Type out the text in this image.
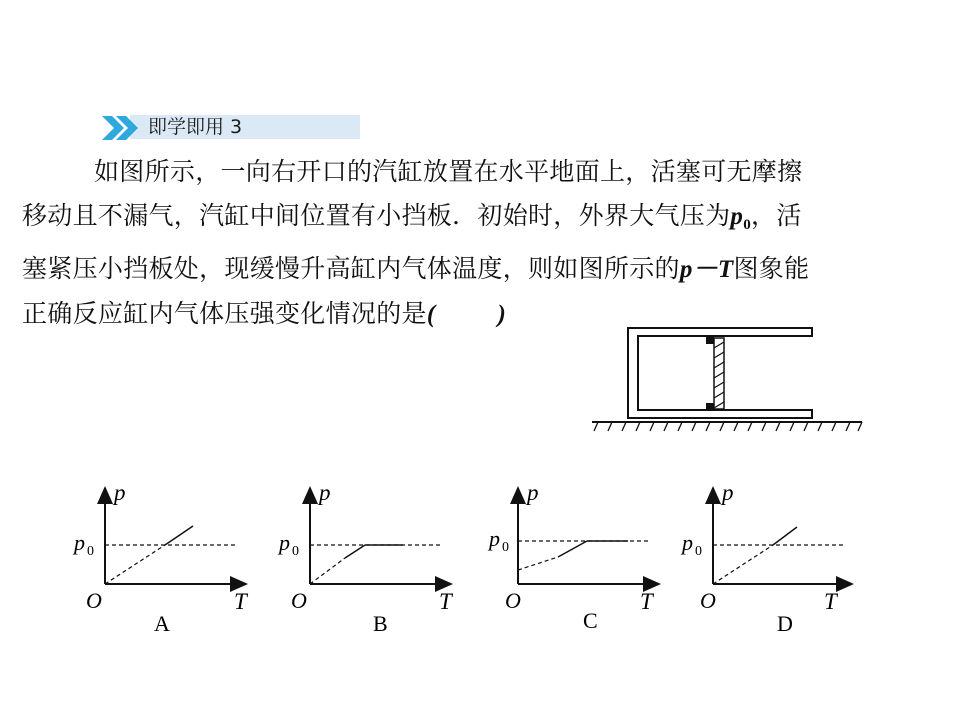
即学即用 3
如图所示，一向右开口的汽缸放置在水平地面上，活塞可无摩擦
移动且不漏气，汽缸中间位置有小挡板．初始时，外界大气压为$p_0$，活
塞紧压小挡板处，现缓慢升高缸内气体温度，则如图所示的p－T图象能
正确反应缸内气体压强变化情况的是( )
p
p 0
O	T
A
p
p 0
O	T
B
p
p 0
O	T
C
p
p 0
O	T
D
